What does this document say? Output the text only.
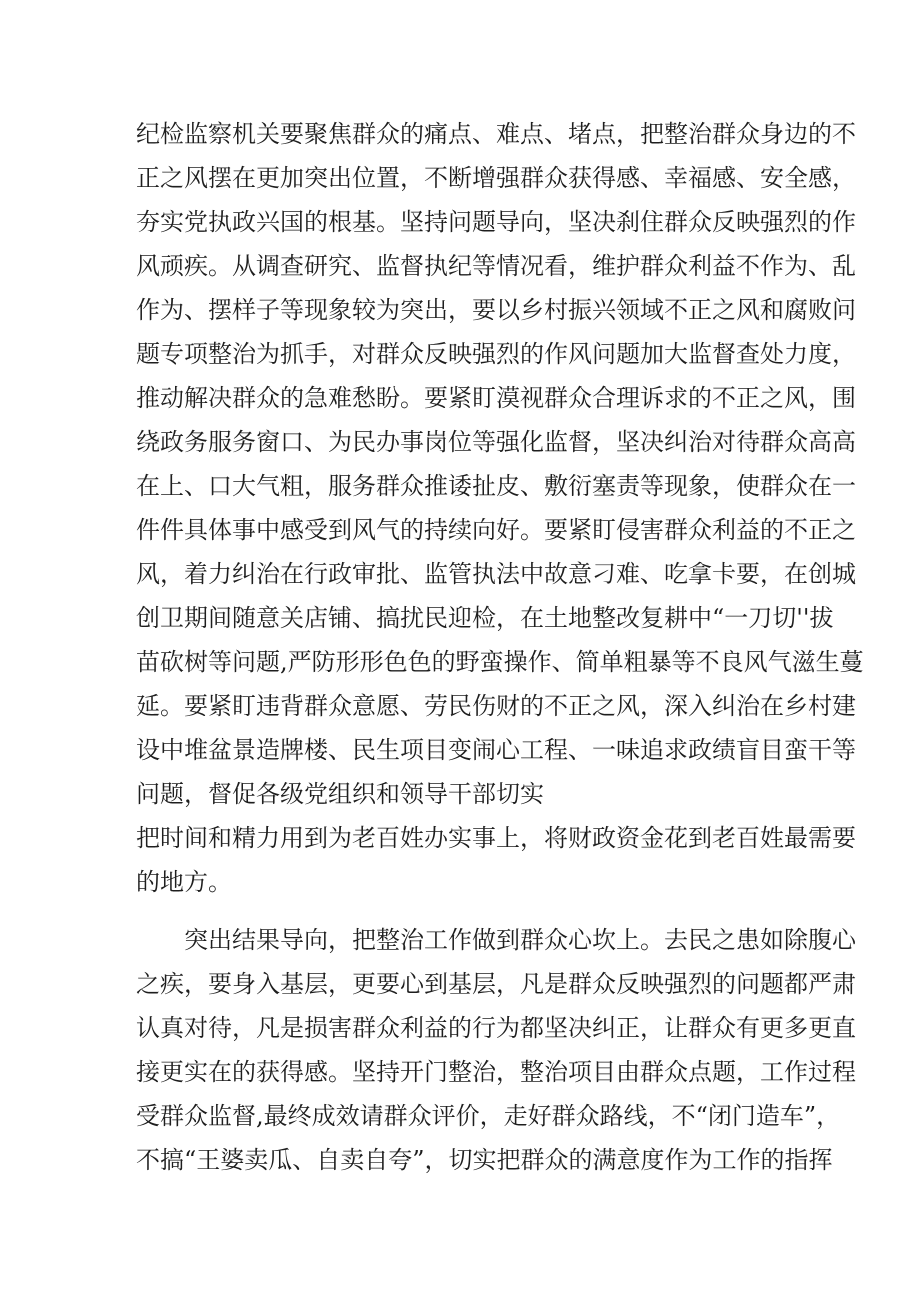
纪检监察机关要聚焦群众的痛点、难点、堵点，把整治群众身边的不
正之风摆在更加突出位置，不断增强群众获得感、幸福感、安全感，
夯实党执政兴国的根基。坚持问题导向，坚决刹住群众反映强烈的作
风顽疾。从调查研究、监督执纪等情况看，维护群众利益不作为、乱
作为、摆样子等现象较为突出，要以乡村振兴领域不正之风和腐败问
题专项整治为抓手，对群众反映强烈的作风问题加大监督查处力度，
推动解决群众的急难愁盼。要紧盯漠视群众合理诉求的不正之风，围
绕政务服务窗口、为民办事岗位等强化监督，坚决纠治对待群众高高
在上、口大气粗，服务群众推诿扯皮、敷衍塞责等现象，使群众在一
件件具体事中感受到风气的持续向好。要紧盯侵害群众利益的不正之
风，着力纠治在行政审批、监管执法中故意刁难、吃拿卡要，在创城
创卫期间随意关店铺、搞扰民迎检，在土地整改复耕中“一刀切''拔
苗砍树等问题,严防形形色色的野蛮操作、简单粗暴等不良风气滋生蔓
延。要紧盯违背群众意愿、劳民伤财的不正之风，深入纠治在乡村建
设中堆盆景造牌楼、民生项目变闹心工程、一味追求政绩盲目蛮干等
问题，督促各级党组织和领导干部切实
把时间和精力用到为老百姓办实事上，将财政资金花到老百姓最需要
的地方。
突出结果导向，把整治工作做到群众心坎上。去民之患如除腹心
之疾，要身入基层，更要心到基层，凡是群众反映强烈的问题都严肃
认真对待，凡是损害群众利益的行为都坚决纠正，让群众有更多更直
接更实在的获得感。坚持开门整治，整治项目由群众点题，工作过程
受群众监督,最终成效请群众评价，走好群众路线，不“闭门造车”，
不搞“王婆卖瓜、自卖自夸”，切实把群众的满意度作为工作的指挥
